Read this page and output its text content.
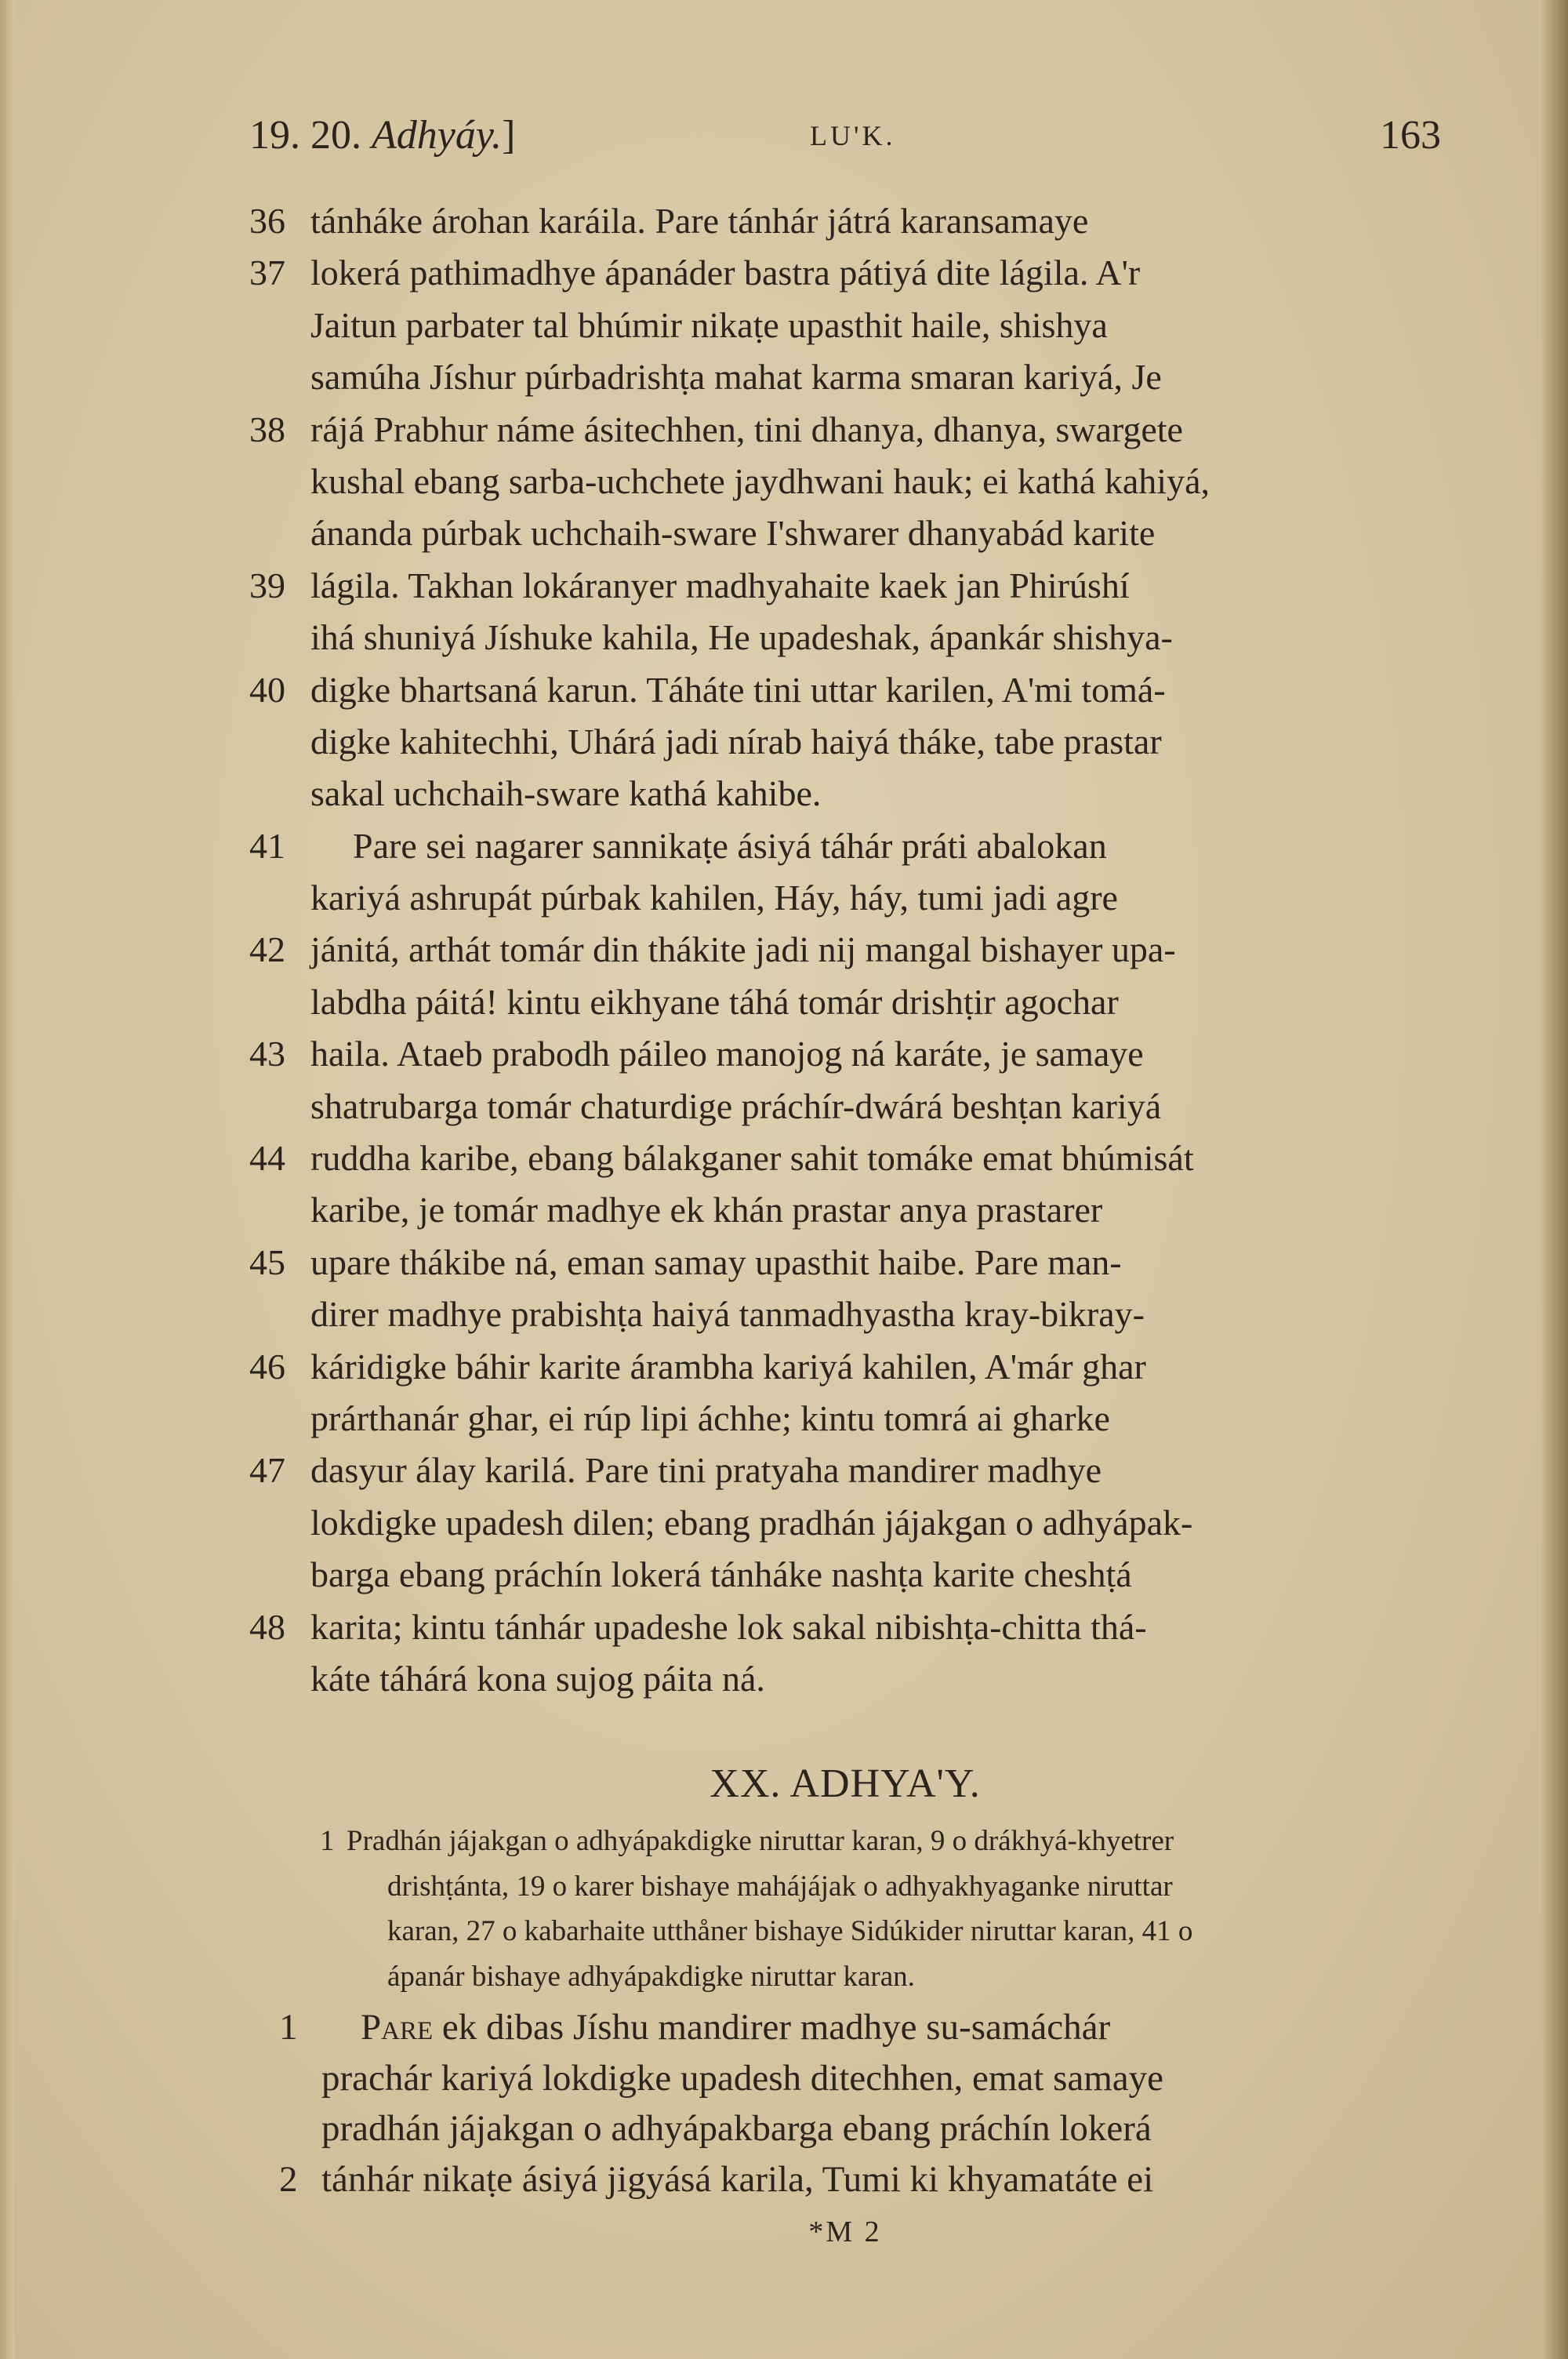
19. 20. Adhyáy.]	LU'K.	163
36 tánháke árohan karáila. Pare tánhár játrá karansamaye
37 lokerá pathimadhye ápanáder bastra pátiyá dite lágila. A'r
Jaitun parbater tal bhúmir nikaṭe upasthit haile, shishya
samúha Jíshur púrbadrishṭa mahat karma smaran kariyá, Je
38 rájá Prabhur náme ásitechhen, tini dhanya, dhanya, swargete
kushal ebang sarba-uchchete jaydhwani hauk; ei kathá kahiyá,
ánanda púrbak uchchaih-sware I'shwarer dhanyabád karite
39 lágila. Takhan lokáranyer madhyahaite kaek jan Phirúshí
ihá shuniyá Jíshuke kahila, He upadeshak, ápankár shishya-
40 digke bhartsaná karun. Táháte tini uttar karilen, A'mi tomá-
digke kahitechhi, Uhárá jadi nírab haiyá tháke, tabe prastar
sakal uchchaih-sware kathá kahibe.
41	Pare sei nagarer sannikaṭe ásiyá táhár práti abalokan
kariyá ashrupát púrbak kahilen, Háy, háy, tumi jadi agre
42 jánitá, arthát tomár din thákite jadi nij mangal bishayer upa-
labdha páitá! kintu eikhyane táhá tomár drishṭir agochar
43 haila. Ataeb prabodh páileo manojog ná karáte, je samaye
shatrubarga tomár chaturdige práchír-dwárá beshṭan kariyá
44 ruddha karibe, ebang bálakganer sahit tomáke emat bhúmisát
karibe, je tomár madhye ek khán prastar anya prastarer
45 upare thákibe ná, eman samay upasthit haibe. Pare man-
direr madhye prabishṭa haiyá tanmadhyastha kray-bikray-
46 káridigke báhir karite árambha kariyá kahilen, A'már ghar
prárthanár ghar, ei rúp lipi áchhe; kintu tomrá ai gharke
47 dasyur álay karilá. Pare tini pratyaha mandirer madhye
lokdigke upadesh dilen; ebang pradhán jájakgan o adhyápak-
barga ebang práchín lokerá tánháke nashṭa karite cheshṭá
48 karita; kintu tánhár upadeshe lok sakal nibishṭa-chitta thá-
káte táhárá kona sujog páita ná.
XX. ADHYA'Y.
1 Pradhán jájakgan o adhyápakdigke niruttar karan, 9 o drákhyá-khyetrer
drishṭánta, 19 o karer bishaye mahájájak o adhyakhyaganke niruttar
karan, 27 o kabarhaite utthåner bishaye Sidúkider niruttar karan, 41 o
ápanár bishaye adhyápakdigke niruttar karan.
1	Pare ek dibas Jíshu mandirer madhye su-samáchár
prachár kariyá lokdigke upadesh ditechhen, emat samaye
pradhán jájakgan o adhyápakbarga ebang práchín lokerá
2 tánhár nikaṭe ásiyá jigyásá karila, Tumi ki khyamatáte ei
*M 2
